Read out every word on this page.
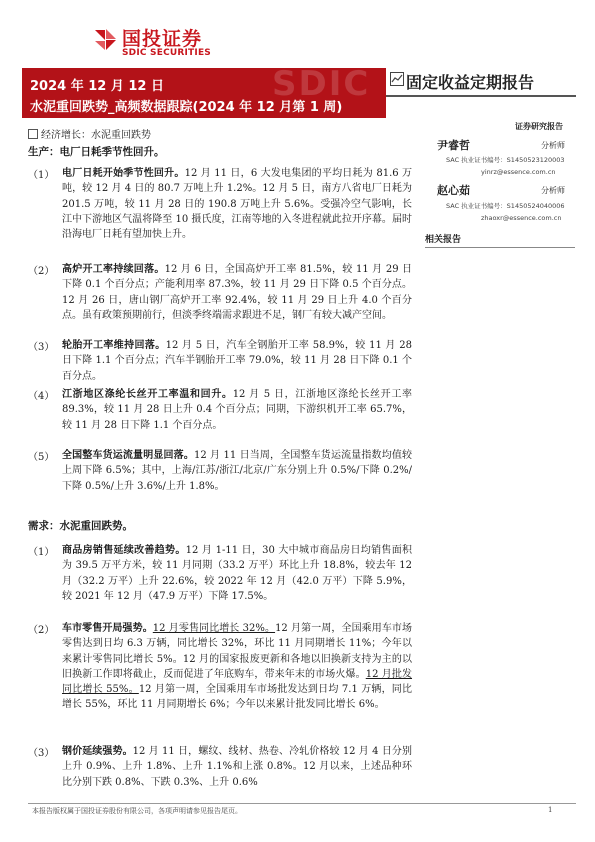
国投证券
SDIC SECURITIES
SDIC
2024 年 12 月 12 日
水泥重回跌势_高频数据跟踪(2024 年 12 月第 1 周)
固定收益定期报告
经济增长：水泥重回跌势
证券研究报告
尹睿哲	分析师
SAC 执业证书编号：S1450523120003
yinrz@essence.com.cn
赵心茹	分析师
SAC 执业证书编号：S1450524040006
zhaoxr@essence.com.cn
相关报告
生产：电厂日耗季节性回升。
（1） 电厂日耗开始季节性回升。12 月 11 日，6 大发电集团的平均日耗为 81.6 万吨，较 12 月 4 日的 80.7 万吨上升 1.2%。12 月 5 日，南方八省电厂日耗为 201.5 万吨，较 11 月 28 日的 190.8 万吨上升 5.6%。受强冷空气影响，长江中下游地区气温将降至 10 摄氏度，江南等地的入冬进程就此拉开序幕。届时沿海电厂日耗有望加快上升。
（2） 高炉开工率持续回落。12 月 6 日，全国高炉开工率 81.5%，较 11 月 29 日下降 0.1 个百分点；产能利用率 87.3%，较 11 月 29 日下降 0.5 个百分点。12 月 26 日，唐山钢厂高炉开工率 92.4%，较 11 月 29 日上升 4.0 个百分点。虽有政策预期前行，但淡季终端需求跟进不足，钢厂有较大减产空间。
（3） 轮胎开工率维持回落。12 月 5 日，汽车全钢胎开工率 58.9%，较 11 月 28 日下降 1.1 个百分点；汽车半钢胎开工率 79.0%，较 11 月 28 日下降 0.1 个百分点。
（4） 江浙地区涤纶长丝开工率温和回升。12 月 5 日，江浙地区涤纶长丝开工率 89.3%，较 11 月 28 日上升 0.4 个百分点；同期，下游织机开工率 65.7%，较 11 月 28 日下降 1.1 个百分点。
（5） 全国整车货运流量明显回落。12 月 11 日当周，全国整车货运流量指数均值较上周下降 6.5%；其中，上海/江苏/浙江/北京/广东分别上升 0.5%/下降 0.2%/下降 0.5%/上升 3.6%/上升 1.8%。
需求：水泥重回跌势。
（1） 商品房销售延续改善趋势。12 月 1-11 日，30 大中城市商品房日均销售面积为 39.5 万平方米，较 11 月同期（33.2 万平）环比上升 18.8%，较去年 12 月（32.2 万平）上升 22.6%，较 2022 年 12 月（42.0 万平）下降 5.9%，较 2021 年 12 月（47.9 万平）下降 17.5%。
（2） 车市零售开局强势。12 月零售同比增长 32%。12 月第一周，全国乘用车市场零售达到日均 6.3 万辆，同比增长 32%，环比 11 月同期增长 11%；今年以来累计零售同比增长 5%。12 月的国家报废更新和各地以旧换新支持为主的以旧换新工作即将截止，反而促进了年底购车，带来年末的市场火爆。12 月批发同比增长 55%。12 月第一周，全国乘用车市场批发达到日均 7.1 万辆，同比增长 55%，环比 11 月同期增长 6%；今年以来累计批发同比增长 6%。
（3） 钢价延续强势。12 月 11 日，螺纹、线材、热卷、冷轧价格较 12 月 4 日分别上升 0.9%、上升 1.8%、上升 1.1%和上涨 0.8%。12 月以来，上述品种环比分别下跌 0.8%、下跌 0.3%、上升 0.6%
本报告版权属于国投证券股份有限公司，各项声明请参见报告尾页。	1
